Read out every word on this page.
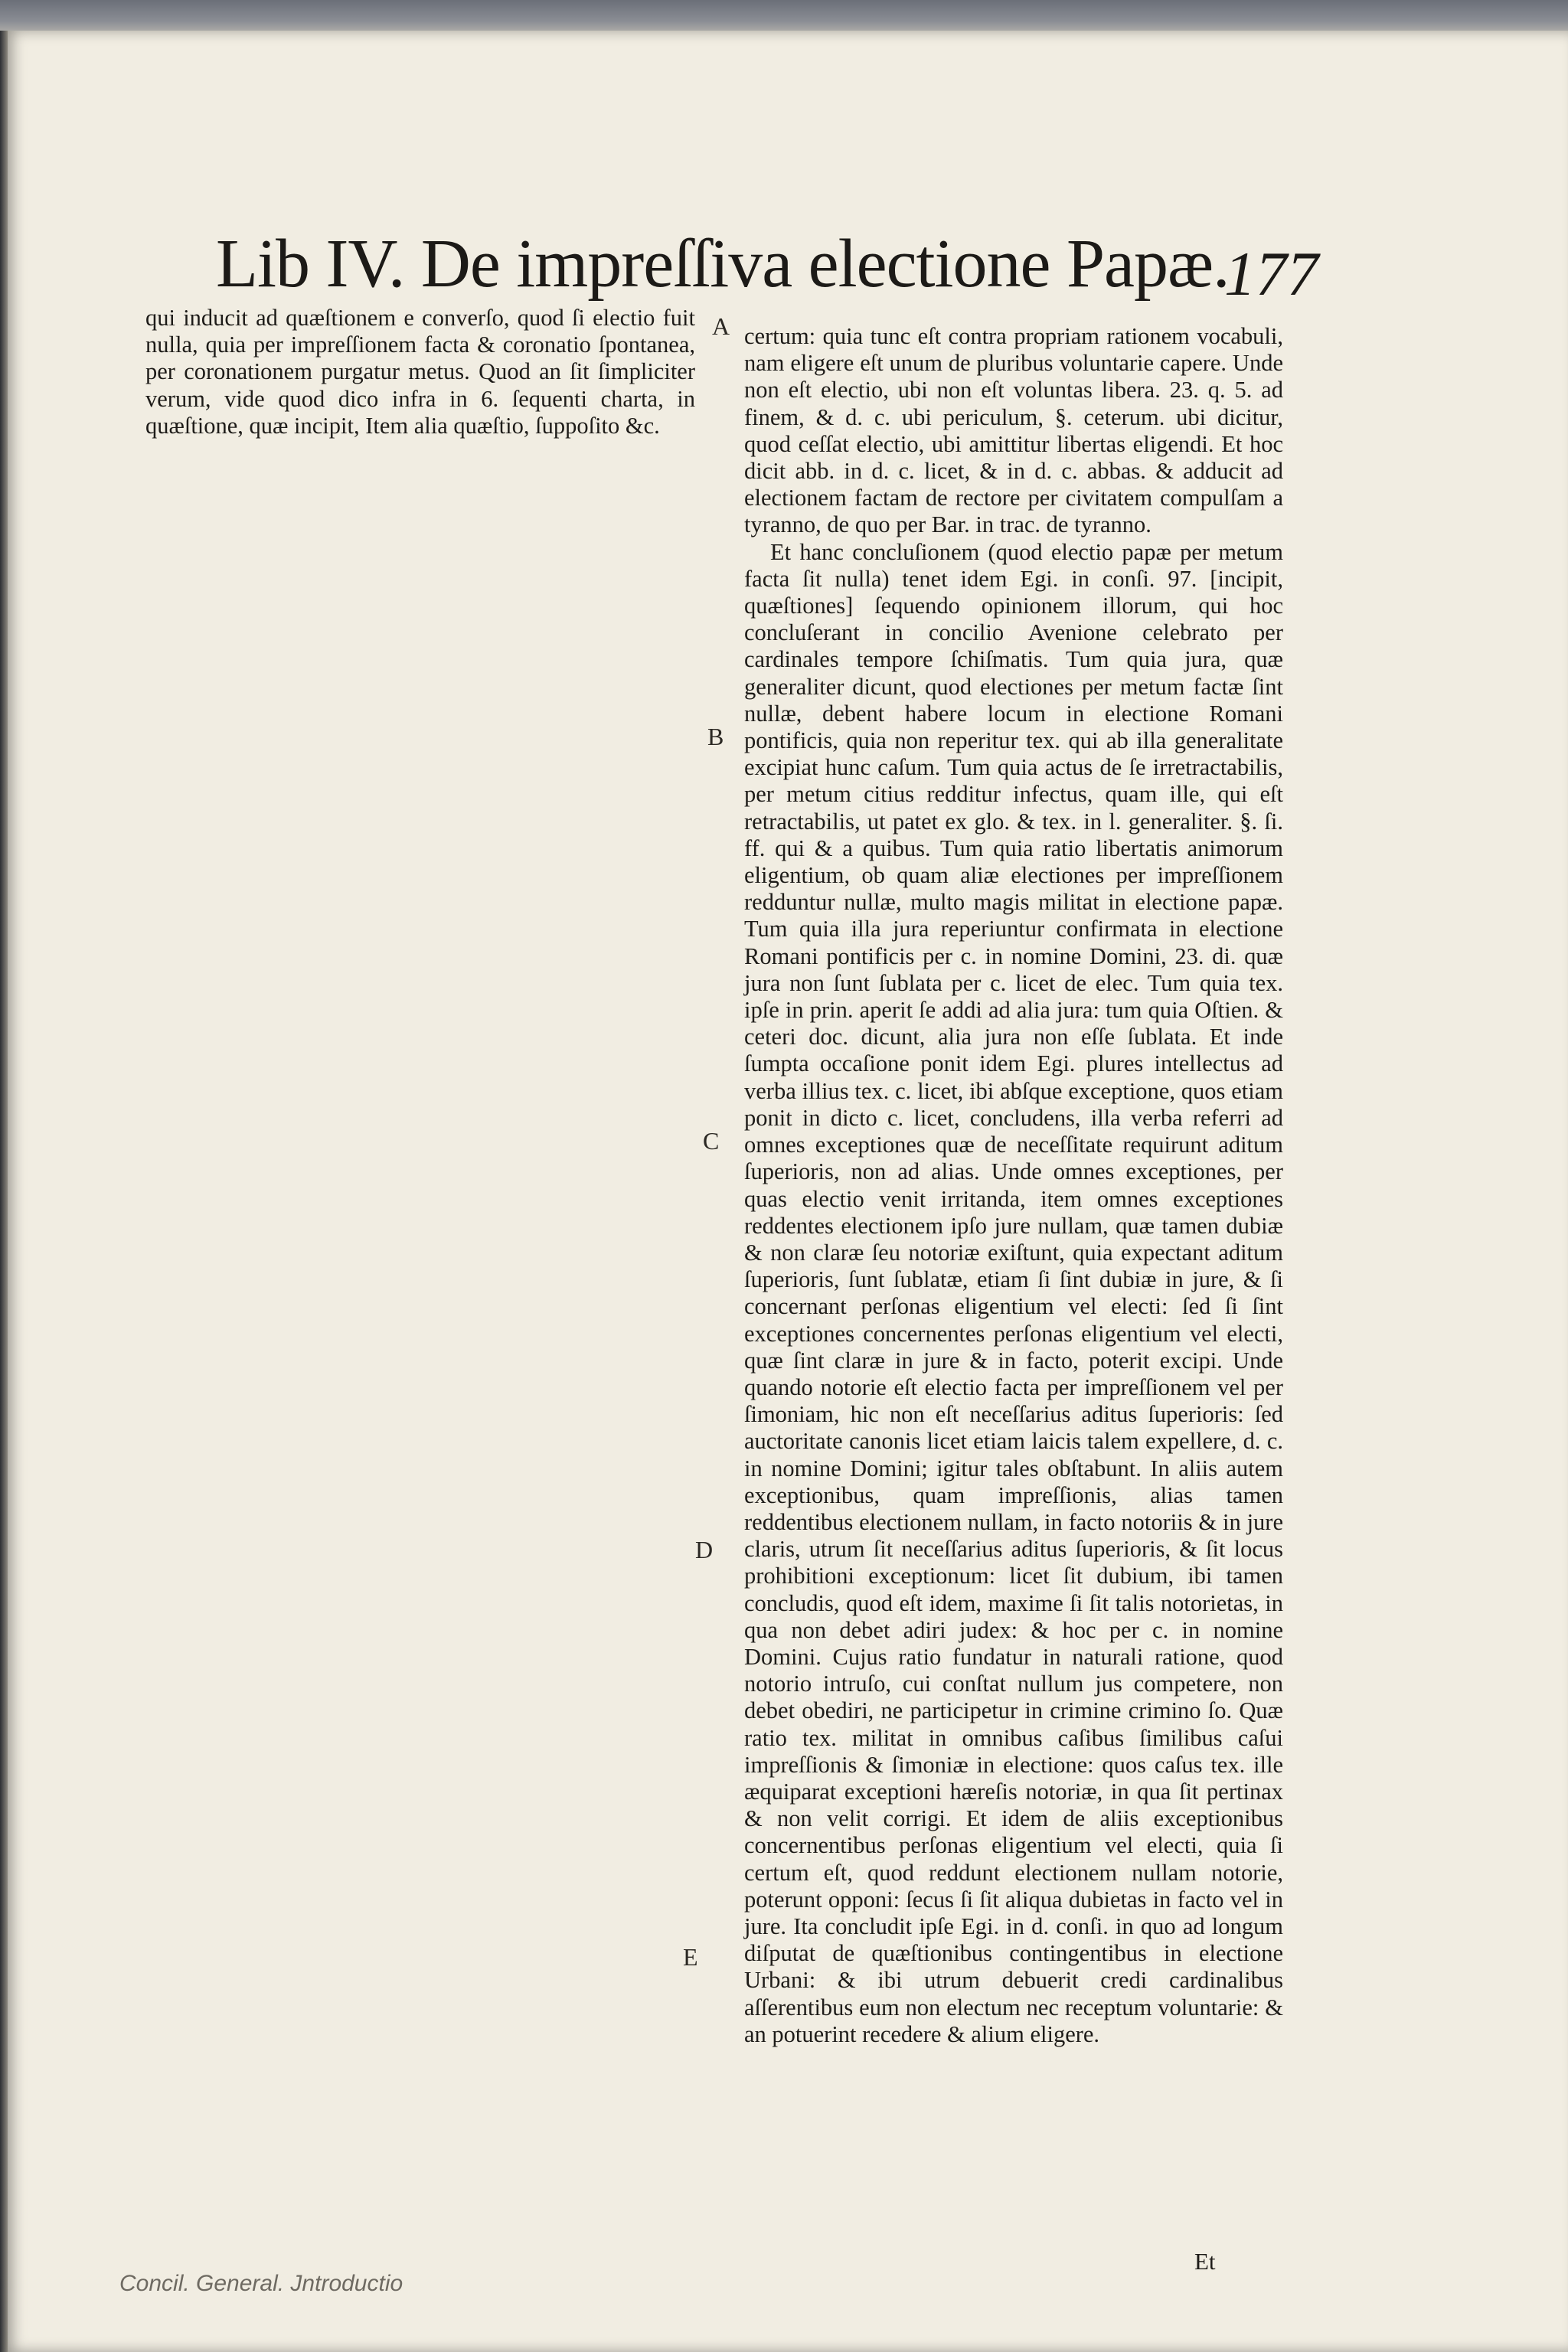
Lib IV. De impreſſiva electione Papæ.
177

qui inducit ad quæſtionem e converſo, quod ſi electio fuit nulla, quia per impreſſionem facta & coronatio ſpontanea, per coronationem purgatur metus. Quod an ſit ſimpliciter verum, vide quod dico infra in 6. ſequenti charta, in quæſtione, quæ incipit, Item alia quæſtio, ſuppoſito &c.

certum: quia tunc eſt contra propriam rationem vocabuli, nam eligere eſt unum de pluribus voluntarie capere. Unde non eſt electio, ubi non eſt voluntas libera. 23. q. 5. ad finem, & d. c. ubi periculum, §. ceterum. ubi dicitur, quod ceſſat electio, ubi amittitur libertas eligendi. Et hoc dicit abb. in d. c. licet, & in d. c. abbas. & adducit ad electionem factam de rectore per civitatem compulſam a tyranno, de quo per Bar. in trac. de tyranno.

Et hanc concluſionem (quod electio papæ per metum facta ſit nulla) tenet idem Egi. in conſi. 97. [incipit, quæſtiones] ſequendo opinionem illorum, qui hoc concluſerant in concilio Avenione celebrato per cardinales tempore ſchiſmatis. Tum quia jura, quæ generaliter dicunt, quod electiones per metum factæ ſint nullæ, debent habere locum in electione Romani pontificis, quia non reperitur tex. qui ab illa generalitate excipiat hunc caſum. Tum quia actus de ſe irretractabilis, per metum citius redditur infectus, quam ille, qui eſt retractabilis, ut patet ex glo. & tex. in l. generaliter. §. ſi. ff. qui & a quibus. Tum quia ratio libertatis animorum eligentium, ob quam aliæ electiones per impreſſionem redduntur nullæ, multo magis militat in electione papæ. Tum quia illa jura reperiuntur confirmata in electione Romani pontificis per c. in nomine Domini, 23. di. quæ jura non ſunt ſublata per c. licet de elec. Tum quia tex. ipſe in prin. aperit ſe addi ad alia jura: tum quia Oſtien. & ceteri doc. dicunt, alia jura non eſſe ſublata. Et inde ſumpta occaſione ponit idem Egi. plures intellectus ad verba illius tex. c. licet, ibi abſque exceptione, quos etiam ponit in dicto c. licet, concludens, illa verba referri ad omnes exceptiones quæ de neceſſitate requirunt aditum ſuperioris, non ad alias. Unde omnes exceptiones, per quas electio venit irritanda, item omnes exceptiones reddentes electionem ipſo jure nullam, quæ tamen dubiæ & non claræ ſeu notoriæ exiſtunt, quia expectant aditum ſuperioris, ſunt ſublatæ, etiam ſi ſint dubiæ in jure, & ſi concernant perſonas eligentium vel electi: ſed ſi ſint exceptiones concernentes perſonas eligentium vel electi, quæ ſint claræ in jure & in facto, poterit excipi. Unde quando notorie eſt electio facta per impreſſionem vel per ſimoniam, hic non eſt neceſſarius aditus ſuperioris: ſed auctoritate canonis licet etiam laicis talem expellere, d. c. in nomine Domini; igitur tales obſtabunt. In aliis autem exceptionibus, quam impreſſionis, alias tamen reddentibus electionem nullam, in facto notoriis & in jure claris, utrum ſit neceſſarius aditus ſuperioris, & ſit locus prohibitioni exceptionum: licet ſit dubium, ibi tamen concludis, quod eſt idem, maxime ſi ſit talis notorietas, in qua non debet adiri judex: & hoc per c. in nomine Domini. Cujus ratio fundatur in naturali ratione, quod notorio intruſo, cui conſtat nullum jus competere, non debet obediri, ne participetur in crimine crimino ſo. Quæ ratio tex. militat in omnibus caſibus ſimilibus caſui impreſſionis & ſimoniæ in electione: quos caſus tex. ille æquiparat exceptioni hæreſis notoriæ, in qua ſit pertinax & non velit corrigi. Et idem de aliis exceptionibus concernentibus perſonas eligentium vel electi, quia ſi certum eſt, quod reddunt electionem nullam notorie, poterunt opponi: ſecus ſi ſit aliqua dubietas in facto vel in jure. Ita concludit ipſe Egi. in d. conſi. in quo ad longum diſputat de quæſtionibus contingentibus in electione Urbani: & ibi utrum debuerit credi cardinalibus aſſerentibus eum non electum nec receptum voluntarie: & an potuerint recedere & alium eligere.

A
B
C
D
E
Et
Concil. General. Jntroductio
